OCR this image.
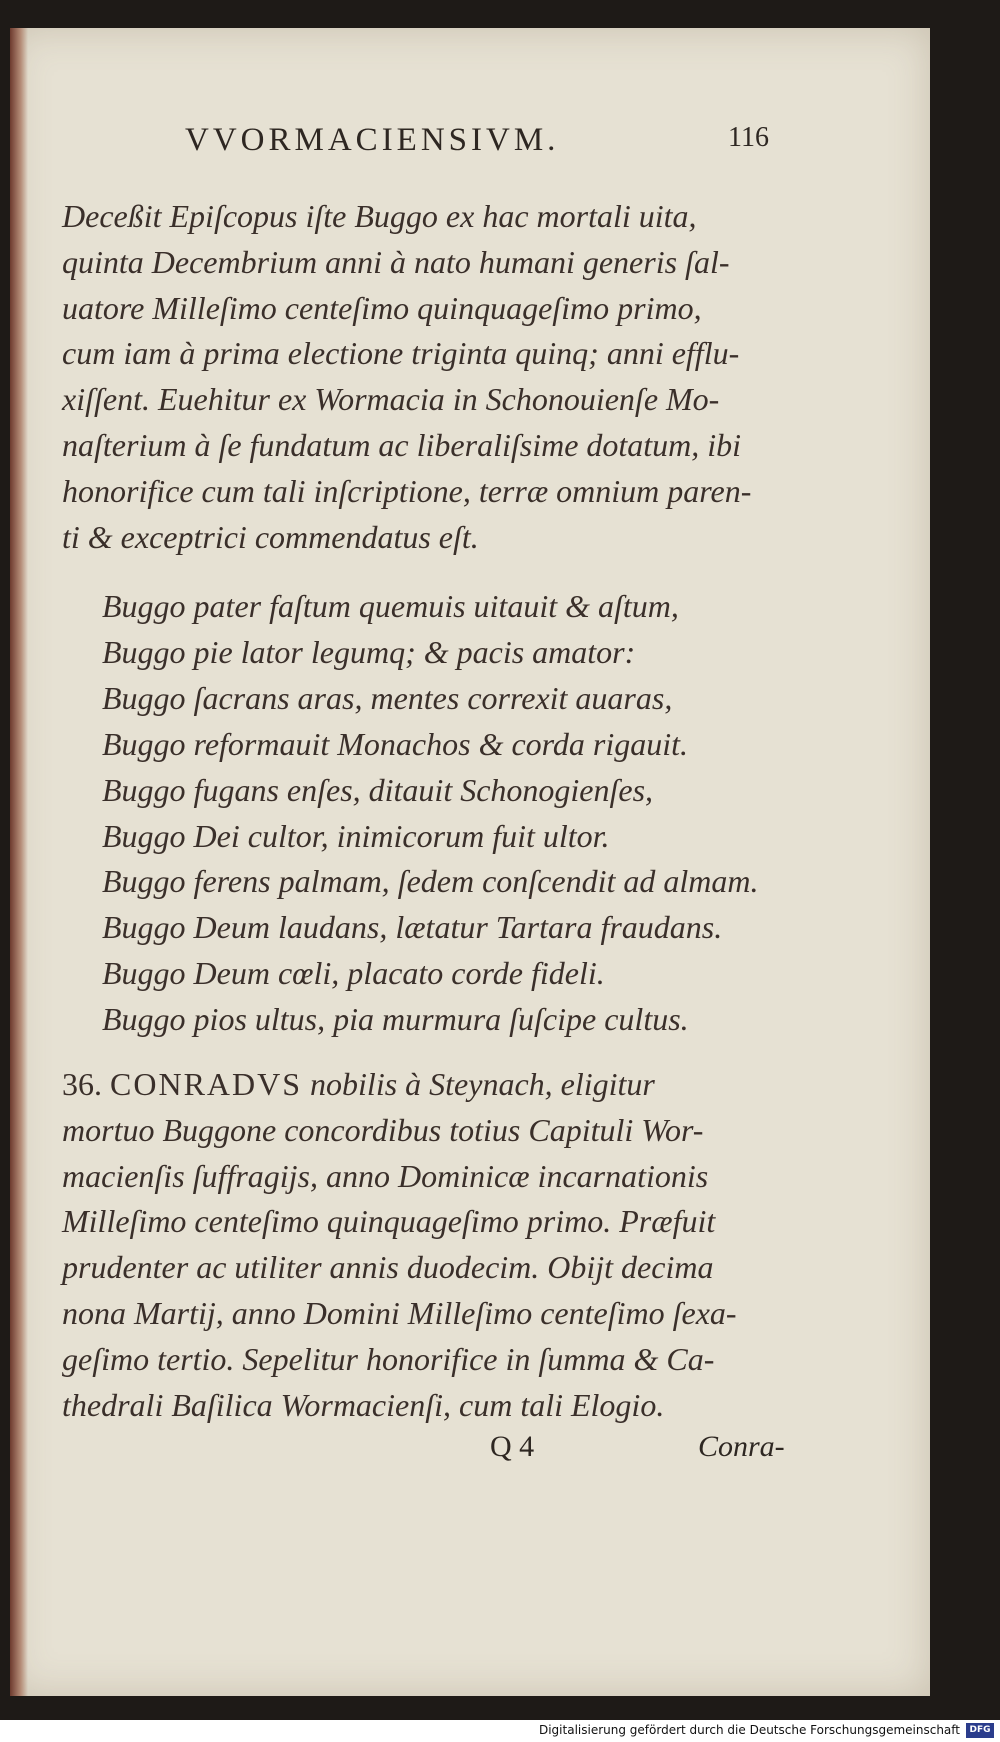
VVORMACIENSIVM.	116
Deceßit Epiſcopus iſte Buggo ex hac mortali uita,
quinta Decembrium anni à nato humani generis ſal-
uatore Milleſimo centeſimo quinquageſimo primo,
cum iam à prima electione triginta quinq; anni efflu-
xiſſent. Euehitur ex Wormacia in Schonouienſe Mo-
naſterium à ſe fundatum ac liberaliſsime dotatum, ibi
honorifice cum tali inſcriptione, terræ omnium paren-
ti & exceptrici commendatus eſt.
Buggo pater faſtum quemuis uitauit & aſtum,
Buggo pie lator legumq; & pacis amator:
Buggo ſacrans aras, mentes correxit auaras,
Buggo reformauit Monachos & corda rigauit.
Buggo fugans enſes, ditauit Schonogienſes,
Buggo Dei cultor, inimicorum fuit ultor.
Buggo ferens palmam, ſedem conſcendit ad almam.
Buggo Deum laudans, lætatur Tartara fraudans.
Buggo Deum cœli, placato corde fideli.
Buggo pios ultus, pia murmura ſuſcipe cultus.
36. CONRADVS nobilis à Steynach, eligitur
mortuo Buggone concordibus totius Capituli Wor-
macienſis ſuffragijs, anno Dominicæ incarnationis
Milleſimo centeſimo quinquageſimo primo. Præfuit
prudenter ac utiliter annis duodecim. Obijt decima
nona Martij, anno Domini Milleſimo centeſimo ſexa-
geſimo tertio. Sepelitur honorifice in ſumma & Ca-
thedrali Baſilica Wormacienſi, cum tali Elogio.
Q 4	Conra-
Digitalisierung gefördert durch die Deutsche Forschungsgemeinschaft	DFG
